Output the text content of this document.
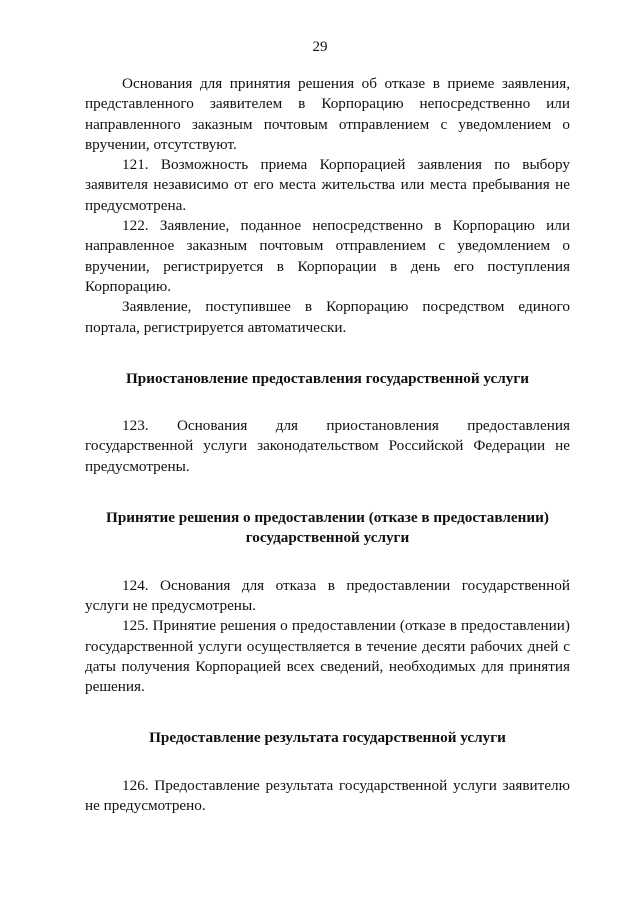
29

Основания для принятия решения об отказе в приеме заявления, представленного заявителем в Корпорацию непосредственно или направленного заказным почтовым отправлением с уведомлением о вручении, отсутствуют.

121. Возможность приема Корпорацией заявления по выбору заявителя независимо от его места жительства или места пребывания не предусмотрена.

122. Заявление, поданное непосредственно в Корпорацию или направленное заказным почтовым отправлением с уведомлением о вручении, регистрируется в Корпорации в день его поступления Корпорацию.

Заявление, поступившее в Корпорацию посредством единого портала, регистрируется автоматически.

Приостановление предоставления государственной услуги

123. Основания для приостановления предоставления государственной услуги законодательством Российской Федерации не предусмотрены.

Принятие решения о предоставлении (отказе в предоставлении)

государственной услуги

124. Основания для отказа в предоставлении государственной услуги не предусмотрены.

125. Принятие решения о предоставлении (отказе в предоставлении) государственной услуги осуществляется в течение десяти рабочих дней с даты получения Корпорацией всех сведений, необходимых для принятия решения.

Предоставление результата государственной услуги

126. Предоставление результата государственной услуги заявителю не предусмотрено.
